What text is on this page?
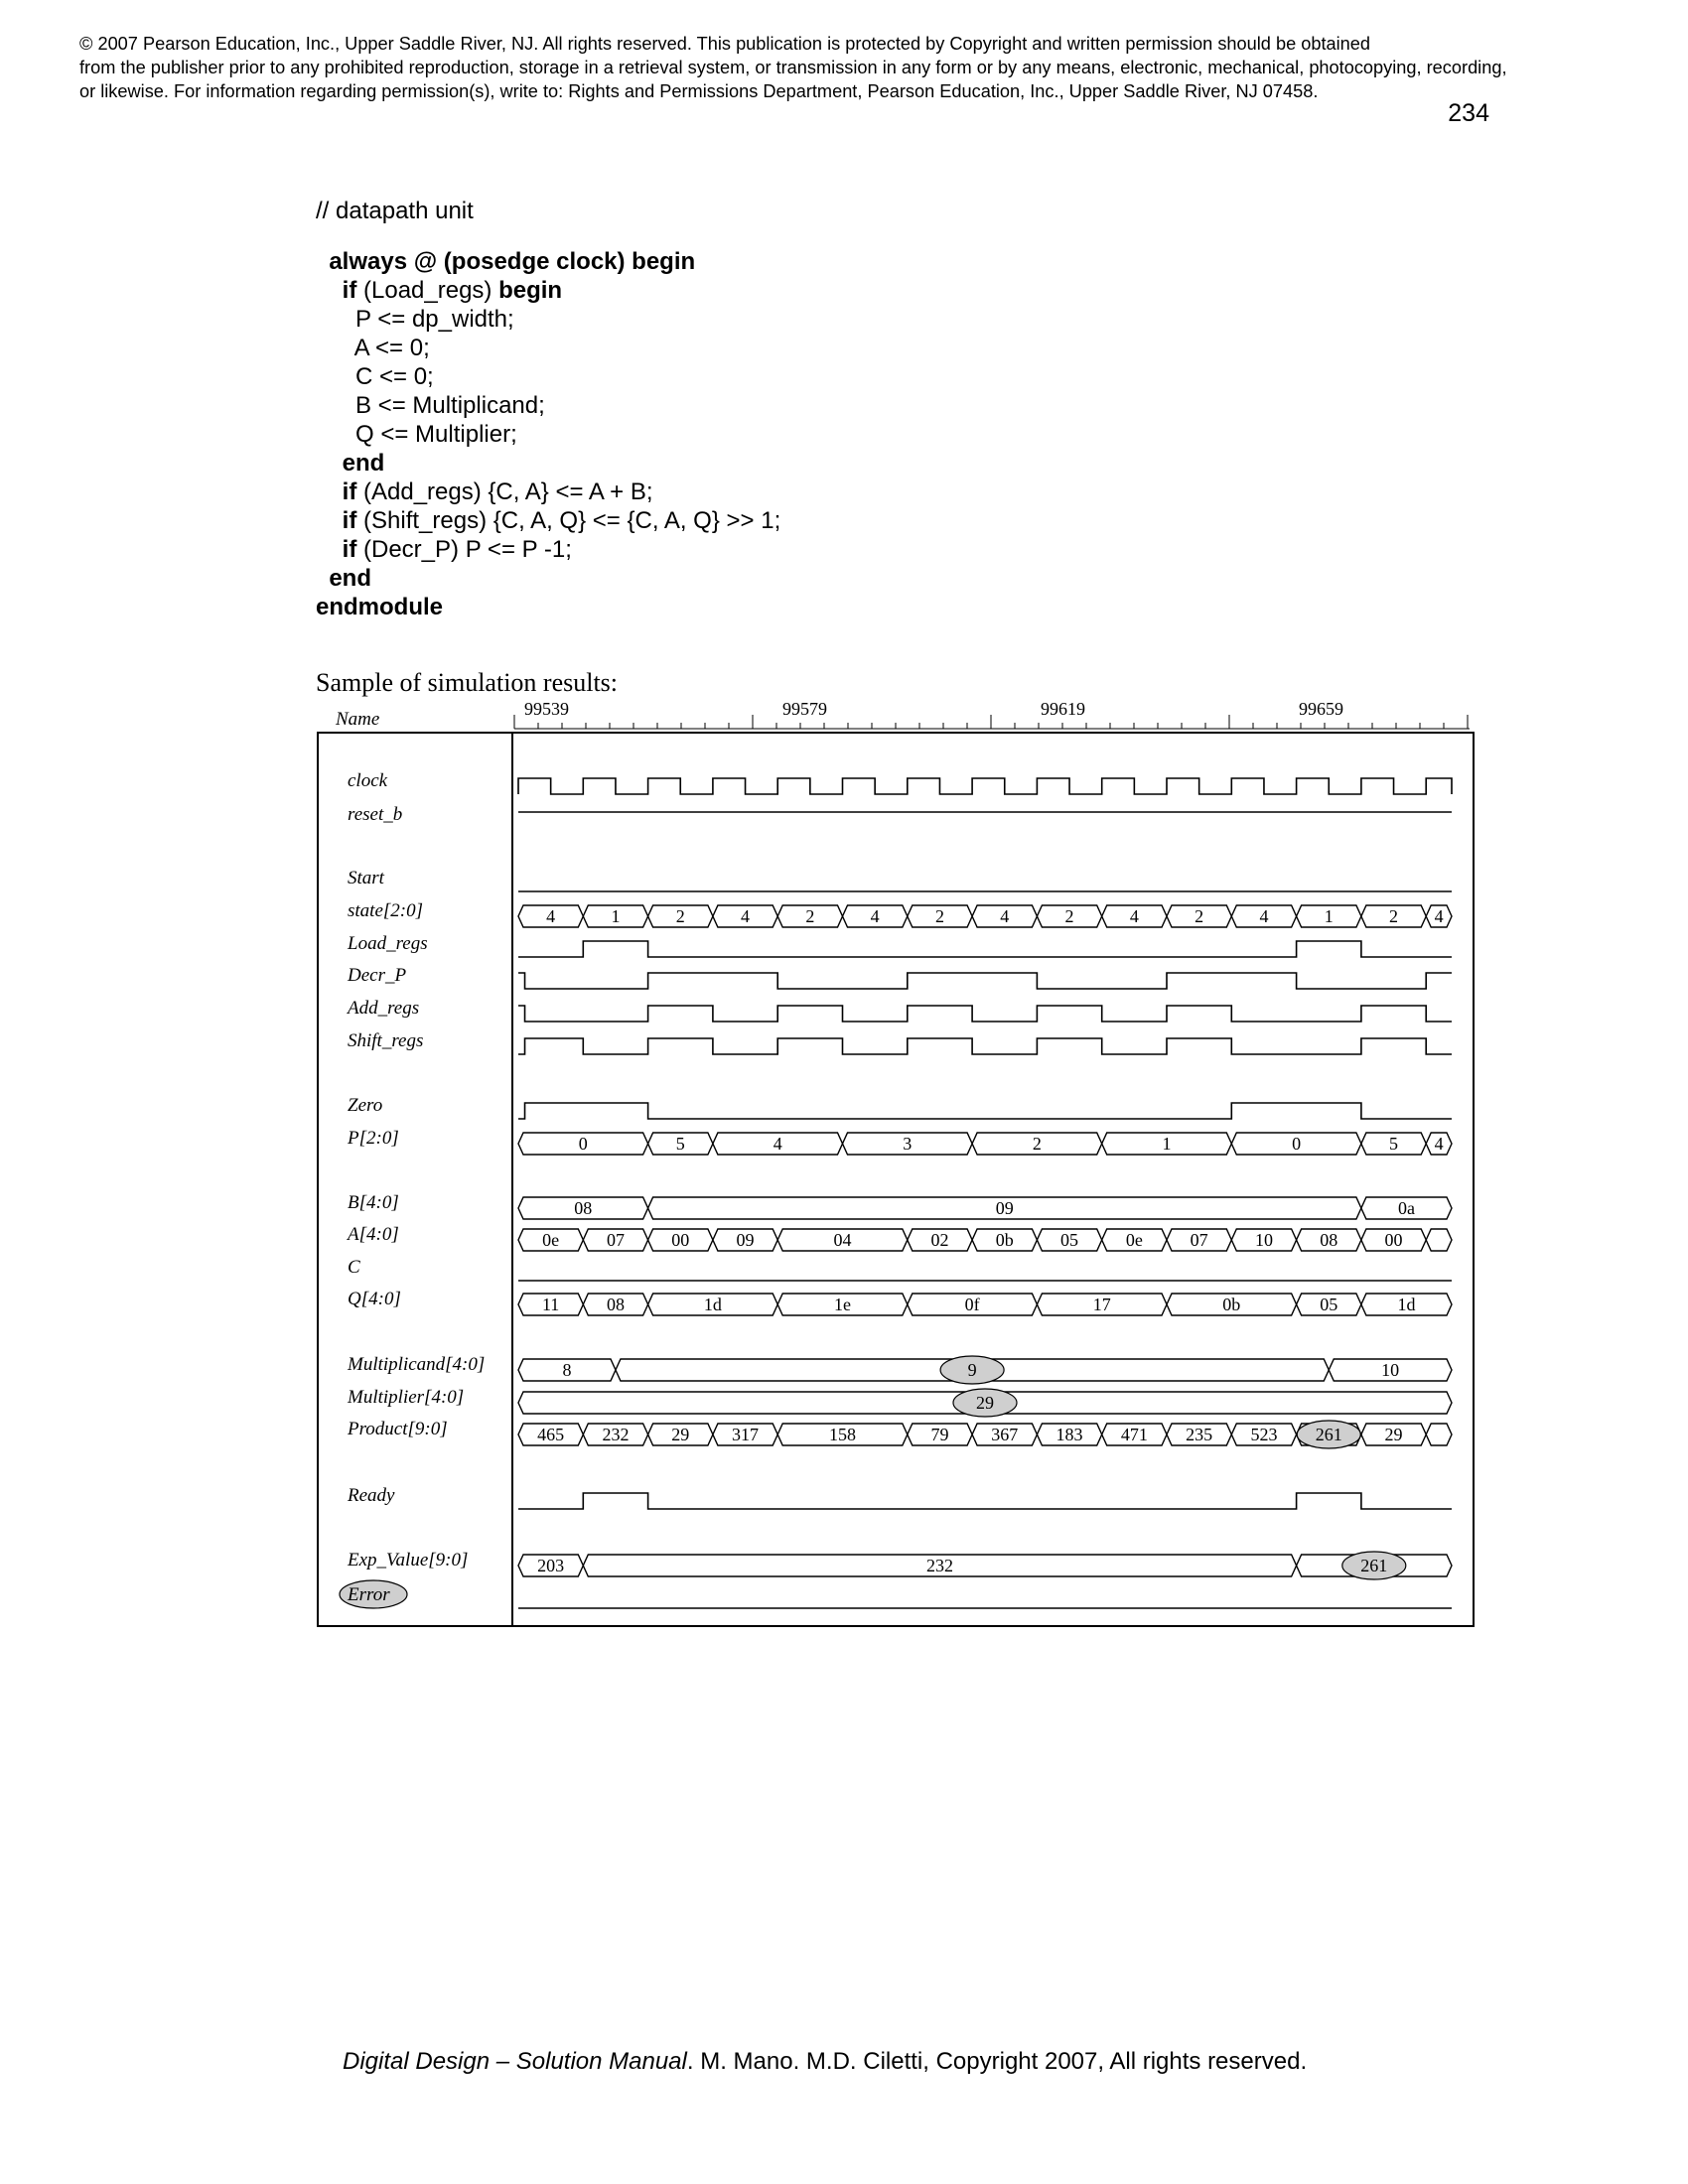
© 2007 Pearson Education, Inc., Upper Saddle River, NJ. All rights reserved. This publication is protected by Copyright and written permission should be obtained
from the publisher prior to any prohibited reproduction, storage in a retrieval system, or transmission in any form or by any means, electronic, mechanical, photocopying, recording,
or likewise. For information regarding permission(s), write to: Rights and Permissions Department, Pearson Education, Inc., Upper Saddle River, NJ 07458.
234
// datapath unit
always @ (posedge clock) begin
if (Load_regs) begin
P <= dp_width;
A <= 0;
C <= 0;
B <= Multiplicand;
Q <= Multiplier;
end
if (Add_regs) {C, A} <= A + B;
if (Shift_regs) {C, A, Q} <= {C, A, Q} >> 1;
if (Decr_P) P <= P -1;
end
endmodule
Sample of simulation results:
Name	99539	99579	99619	99659
clock
reset_b
Start
state[2:0]	4	1	2	4	2	4	2	4	2	4	2	4	1	2 4
Load_regs
Decr_P
Add_regs
Shift_regs
Zero
P[2:0]	0	5	4	3	2	1	0	5 4
B[4:0]	08	09	0a
A[4:0]	0e	07	00	09	04	02	0b	05	0e	07	10	08	00
C
Q[4:0]	11	08	1d	1e	0f	17	0b	05	1d
Multiplicand[4:0]	8	9	10
Multiplier[4:0]	29
Product[9:0]	465 232 29 317	158	79 367 183 471 235 523 261 29
Ready
Exp_Value[9:0]	203	232	261
Error
Digital Design – Solution Manual. M. Mano. M.D. Ciletti, Copyright 2007, All rights reserved.
